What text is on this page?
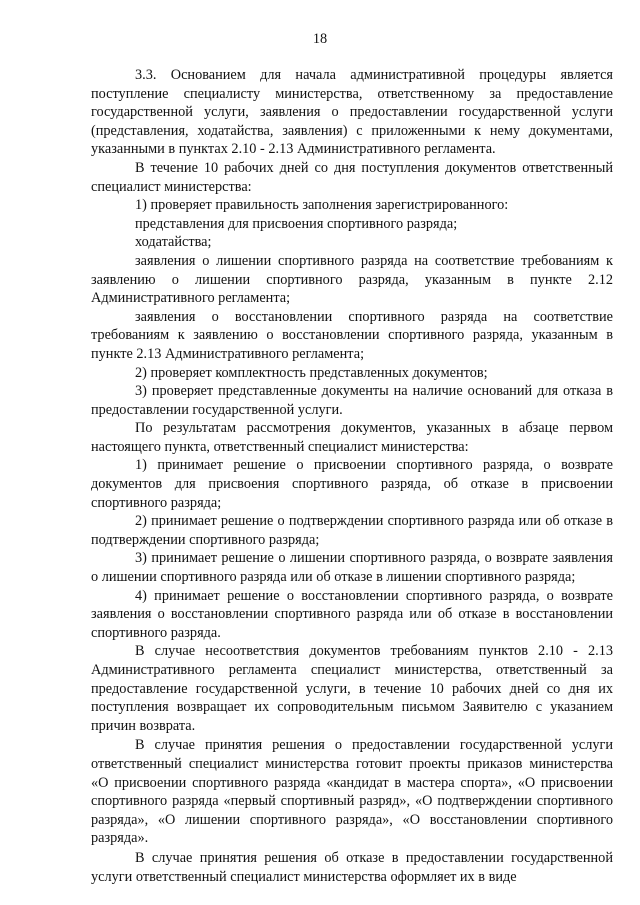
18

3.3. Основанием для начала административной процедуры является поступление специалисту министерства, ответственному за предоставление государственной услуги, заявления о предоставлении государственной услуги (представления, ходатайства, заявления) с приложенными к нему документами, указанными в пунктах 2.10 - 2.13 Административного регламента.

В течение 10 рабочих дней со дня поступления документов ответственный специалист министерства:

1) проверяет правильность заполнения зарегистрированного:

представления для присвоения спортивного разряда;

ходатайства;

заявления о лишении спортивного разряда на соответствие требованиям к заявлению о лишении спортивного разряда, указанным в пункте 2.12 Административного регламента;

заявления о восстановлении спортивного разряда на соответствие требованиям к заявлению о восстановлении спортивного разряда, указанным в пункте 2.13 Административного регламента;

2) проверяет комплектность представленных документов;

3) проверяет представленные документы на наличие оснований для отказа в предоставлении государственной услуги.

По результатам рассмотрения документов, указанных в абзаце первом настоящего пункта, ответственный специалист министерства:

1) принимает решение о присвоении спортивного разряда, о возврате документов для присвоения спортивного разряда, об отказе в присвоении спортивного разряда;

2) принимает решение о подтверждении спортивного разряда или об отказе в подтверждении спортивного разряда;

3) принимает решение о лишении спортивного разряда, о возврате заявления о лишении спортивного разряда или об отказе в лишении спортивного разряда;

4) принимает решение о восстановлении спортивного разряда, о возврате заявления о восстановлении спортивного разряда или об отказе в восстановлении спортивного разряда.

В случае несоответствия документов требованиям пунктов 2.10 - 2.13 Административного регламента специалист министерства, ответственный за предоставление государственной услуги, в течение 10 рабочих дней со дня их поступления возвращает их сопроводительным письмом Заявителю с указанием причин возврата.

В случае принятия решения о предоставлении государственной услуги ответственный специалист министерства готовит проекты приказов министерства «О присвоении спортивного разряда «кандидат в мастера спорта», «О присвоении спортивного разряда «первый спортивный разряд», «О подтверждении спортивного разряда», «О лишении спортивного разряда», «О восстановлении спортивного разряда».

В случае принятия решения об отказе в предоставлении государственной услуги ответственный специалист министерства оформляет их в виде
